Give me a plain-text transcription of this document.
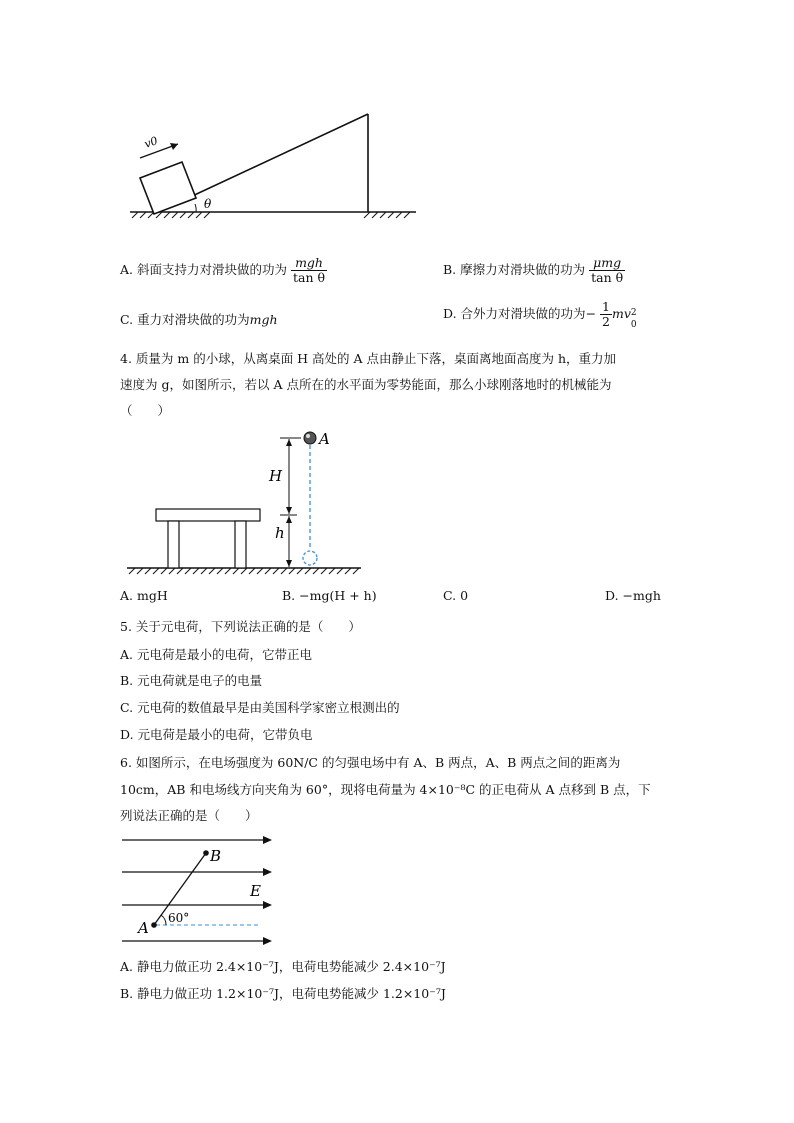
v0
θ
A. 斜面支持力对滑块做的功为 $\frac{\text{mgh}}{\text{tan θ}}$	B. 摩擦力对滑块做的功为 $\frac{\text{μmg}}{\text{tan θ}}$
C. 重力对滑块做的功为mgh	D. 合外力对滑块做的功为− $\frac{1}{2}$ mv 2
0
4. 质量为 m 的小球，从离桌面 H 高处的 A 点由静止下落，桌面离地面高度为 h，重力加
速度为 g，如图所示，若以 A 点所在的水平面为零势能面，那么小球刚落地时的机械能为
（　　）
H
h
A
A. mgH	B. −mg(H + h)	C. 0	D. −mgh
5. 关于元电荷，下列说法正确的是（　　）
A. 元电荷是最小的电荷，它带正电
B. 元电荷就是电子的电量
C. 元电荷的数值最早是由美国科学家密立根测出的
D. 元电荷是最小的电荷，它带负电
6. 如图所示，在电场强度为 60N/C 的匀强电场中有 A、B 两点，A、B 两点之间的距离为
10cm，AB 和电场线方向夹角为 60°，现将电荷量为 4×10⁻⁸C 的正电荷从 A 点移到 B 点，下
列说法正确的是（　　）
60°
A
B
E
A. 静电力做正功 2.4×10⁻⁷J，电荷电势能减少 2.4×10⁻⁷J
B. 静电力做正功 1.2×10⁻⁷J，电荷电势能减少 1.2×10⁻⁷J
